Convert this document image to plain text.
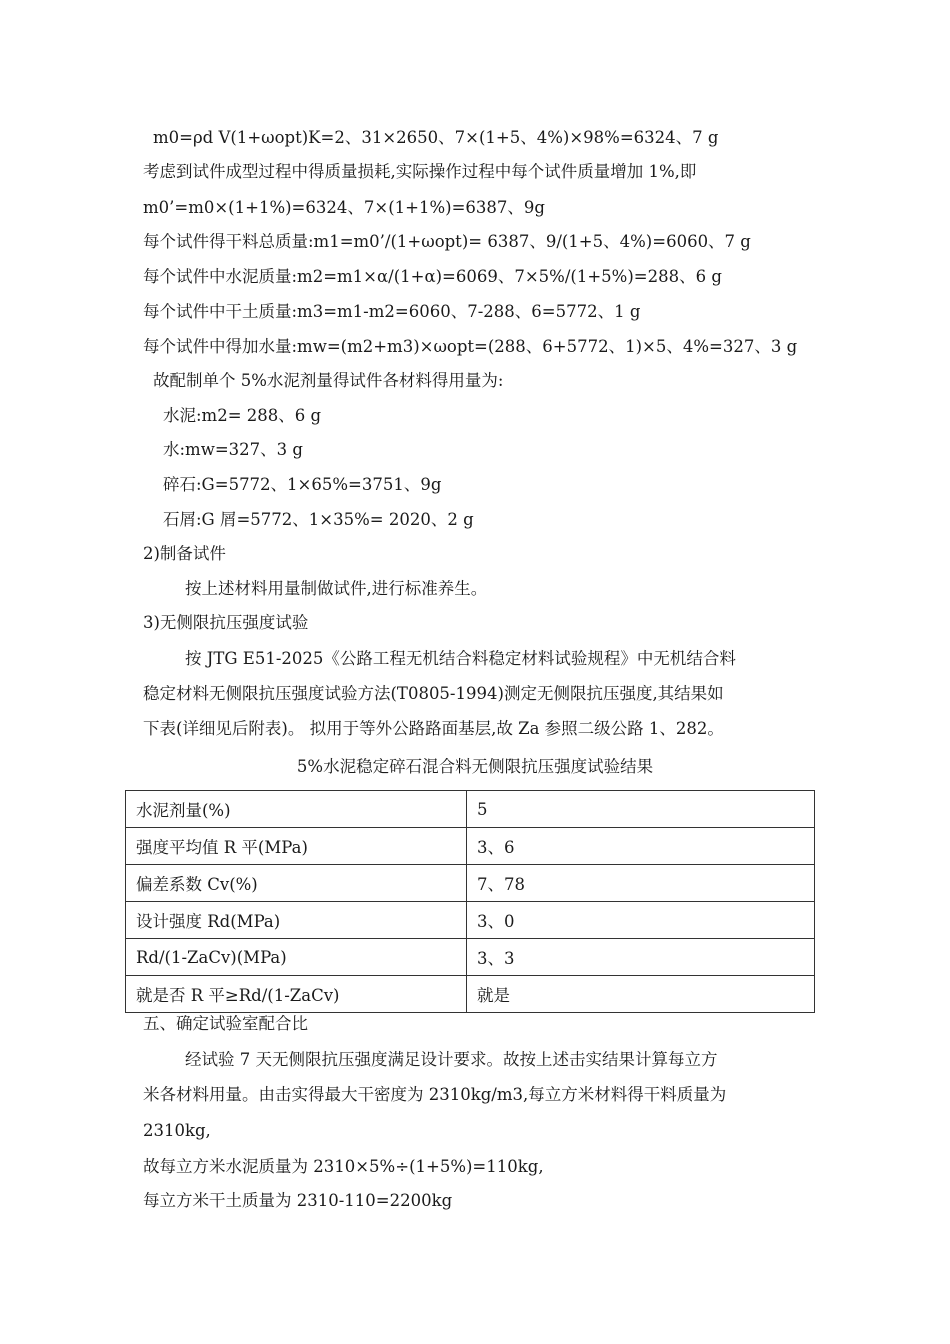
m0=ρd V(1+ωopt)K=2、31×2650、7×(1+5、4%)×98%=6324、7 g
考虑到试件成型过程中得质量损耗,实际操作过程中每个试件质量增加 1%,即
m0’=m0×(1+1%)=6324、7×(1+1%)=6387、9g
每个试件得干料总质量:m1=m0’/(1+ωopt)= 6387、9/(1+5、4%)=6060、7 g
每个试件中水泥质量:m2=m1×α/(1+α)=6069、7×5%/(1+5%)=288、6 g
每个试件中干土质量:m3=m1-m2=6060、7-288、6=5772、1 g
每个试件中得加水量:mw=(m2+m3)×ωopt=(288、6+5772、1)×5、4%=327、3 g
故配制单个 5%水泥剂量得试件各材料得用量为:
水泥:m2= 288、6 g
水:mw=327、3 g
碎石:G=5772、1×65%=3751、9g
石屑:G 屑=5772、1×35%= 2020、2 g
2)制备试件
按上述材料用量制做试件,进行标准养生。
3)无侧限抗压强度试验
按 JTG E51-2025《公路工程无机结合料稳定材料试验规程》中无机结合料
稳定材料无侧限抗压强度试验方法(T0805-1994)测定无侧限抗压强度,其结果如
下表(详细见后附表)。 拟用于等外公路路面基层,故 Za 参照二级公路 1、282。
5%水泥稳定碎石混合料无侧限抗压强度试验结果
水泥剂量(%)	5
强度平均值 R 平(MPa)	3、6
偏差系数 Cv(%)	7、78
设计强度 Rd(MPa)	3、0
Rd/(1-ZaCv)(MPa)	3、3
就是否 R 平≥Rd/(1-ZaCv)	就是
五、确定试验室配合比
经试验 7 天无侧限抗压强度满足设计要求。故按上述击实结果计算每立方
米各材料用量。由击实得最大干密度为 2310kg/m3,每立方米材料得干料质量为
2310kg,
故每立方米水泥质量为 2310×5%÷(1+5%)=110kg,
每立方米干土质量为 2310-110=2200kg
